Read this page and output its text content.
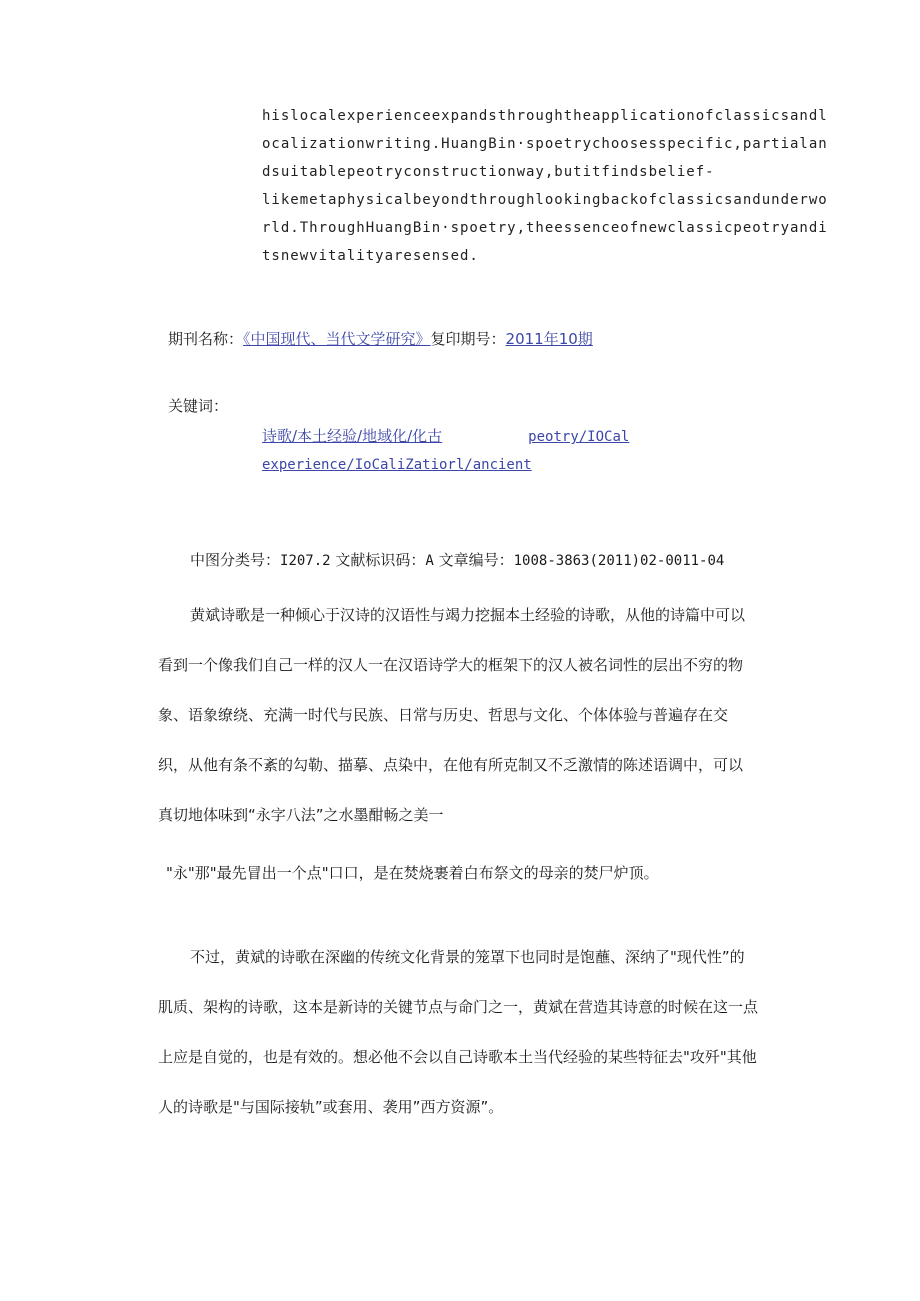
hislocalexperienceexpandsthroughtheapplicationofclassicsandl
ocalizationwriting.HuangBin·spoetrychoosesspecific,partialan
dsuitablepeotryconstructionway,butitfindsbelief-
likemetaphysicalbeyondthroughlookingbackofclassicsandunderwo
rld.ThroughHuangBin·spoetry,theessenceofnewclassicpeotryandi
tsnewvitalityaresensed.
期刊名称：《中国现代、当代文学研究》复印期号：2011年10期
关键词：
诗歌/本土经验/地域化/化古	peotry/IOCal
experience/IoCaliZatiorl/ancient
中图分类号：I207.2 文献标识码：A 文章编号：1008-3863(2011)02-0011-04
黄斌诗歌是一种倾心于汉诗的汉语性与竭力挖掘本土经验的诗歌，从他的诗篇中可以
看到一个像我们自己一样的汉人一在汉语诗学大的框架下的汉人被名词性的层出不穷的物
象、语象缭绕、充满一时代与民族、日常与历史、哲思与文化、个体体验与普遍存在交
织，从他有条不紊的勾勒、描摹、点染中，在他有所克制又不乏激情的陈述语调中，可以
真切地体味到“永字八法”之水墨酣畅之美一
"永"那"最先冒出一个点"口口，是在焚烧裹着白布祭文的母亲的焚尸炉顶。
不过，黄斌的诗歌在深幽的传统文化背景的笼罩下也同时是饱蘸、深纳了"现代性”的
肌质、架构的诗歌，这本是新诗的关键节点与命门之一，黄斌在营造其诗意的时候在这一点
上应是自觉的，也是有效的。想必他不会以自己诗歌本土当代经验的某些特征去"攻歼"其他
人的诗歌是"与国际接轨”或套用、袭用”西方资源”。
